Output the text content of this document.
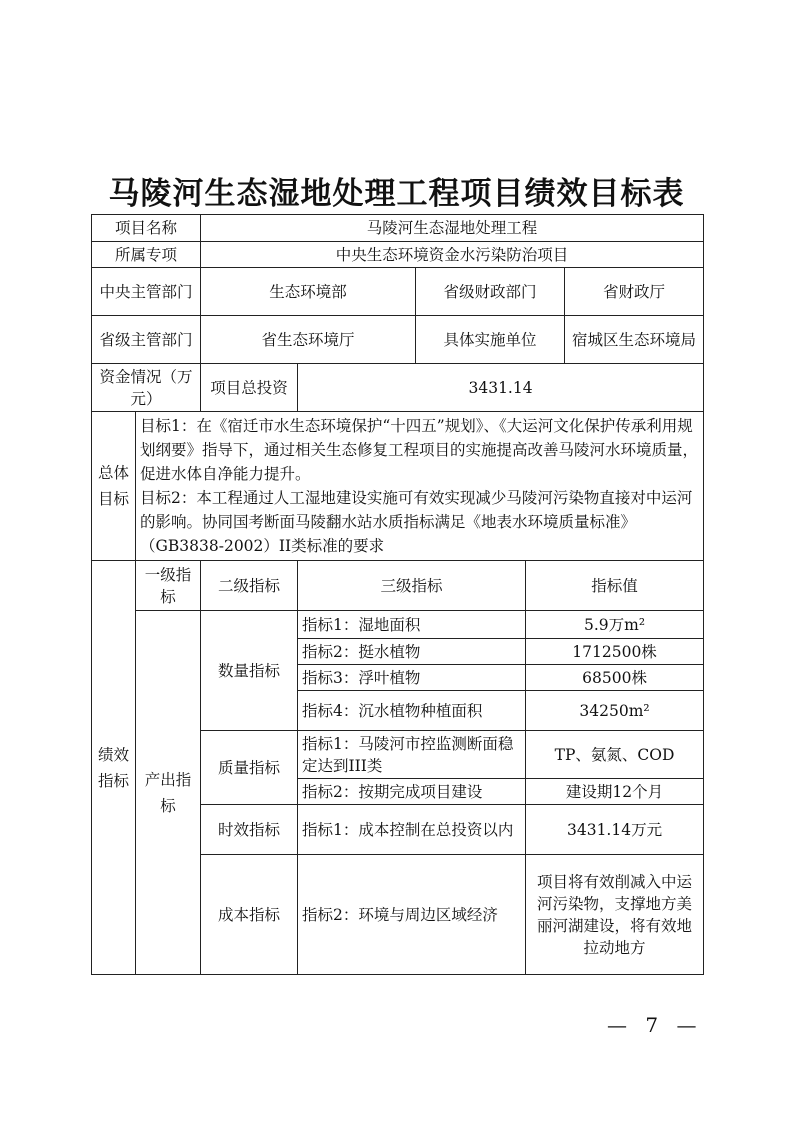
马陵河生态湿地处理工程项目绩效目标表
项目名称		马陵河生态湿地处理工程				
所属专项		中央生态环境资金水污染防治项目				
中央主管部门		生态环境部		省级财政部门		省财政厅
省级主管部门		省生态环境厅		具体实施单位		宿城区生态环境局
资金情况（万元）		项目总投资	3431.14			
总体目标	目标1：在《宿迁市水生态环境保护“十四五”规划》、《大运河文化保护传承利用规划纲要》指导下，通过相关生态修复工程项目的实施提高改善马陵河水环境质量，促进水体自净能力提升。
目标2：本工程通过人工湿地建设实施可有效实现减少马陵河污染物直接对中运河的影响。协同国考断面马陵翻水站水质指标满足《地表水环境质量标准》（GB3838-2002）II类标准的要求					

绩效指标	一级指标	二级指标	三级指标		指标值	
	产出指标	数量指标	指标1：湿地面积		5.9万m²	
			指标2：挺水植物		1712500株	
			指标3：浮叶植物		68500株	
			指标4：沉水植物种植面积		34250m²	
		质量指标	指标1：马陵河市控监测断面稳定达到III类		TP、氨氮、COD	
			指标2：按期完成项目建设		建设期12个月	
		时效指标	指标1：成本控制在总投资以内		3431.14万元	
		成本指标	指标2：环境与周边区域经济		项目将有效削减入中运河污染物，支撑地方美丽河湖建设，将有效地拉动地方	
— 7 —
